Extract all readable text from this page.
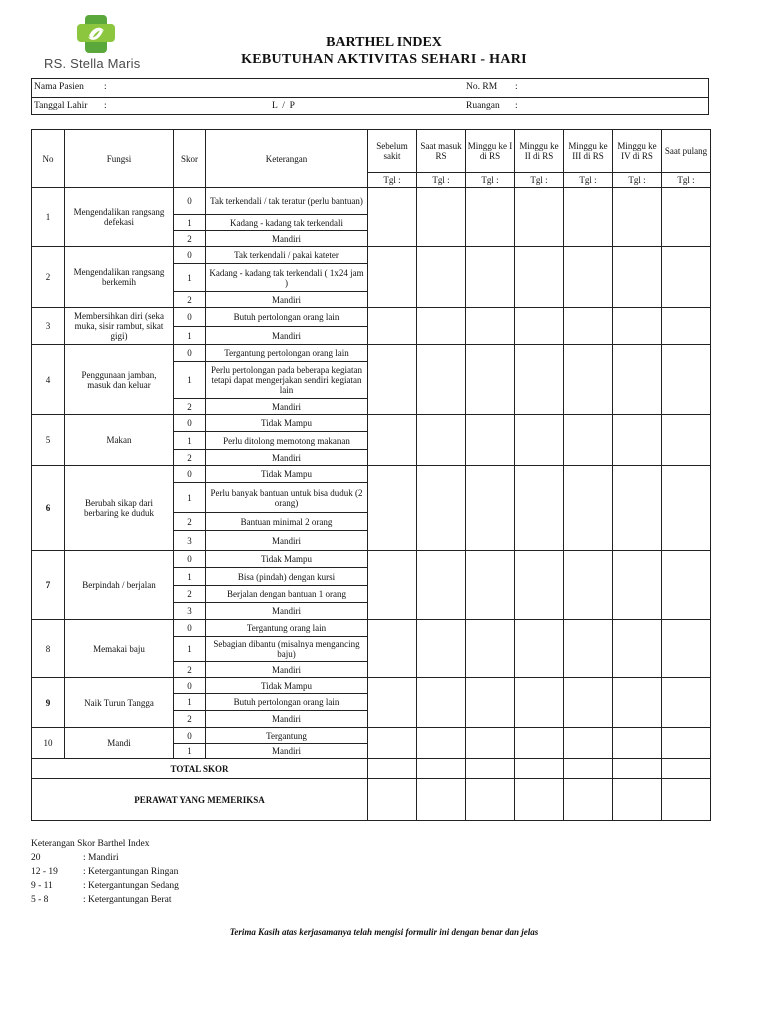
RS. Stella Maris
BARTHEL INDEX
KEBUTUHAN AKTIVITAS SEHARI - HARI
Nama Pasien :	No. RM :
Tanggal Lahir :	L  /  P	Ruangan :
No	Fungsi	Skor	Keterangan	Sebelum sakit	Saat masuk RS	Minggu ke I di RS	Minggu ke II di RS	Minggu ke III di RS	Minggu ke IV di RS	Saat pulang
				Tgl :	Tgl :	Tgl :	Tgl :	Tgl :	Tgl :	Tgl :
1	Mengendalikan rangsang defekasi	0	Tak terkendali / tak teratur (perlu bantuan)							
		1	Kadang - kadang tak terkendali							
		2	Mandiri							
2	Mengendalikan rangsang berkemih	0	Tak terkendali / pakai kateter							
		1	Kadang - kadang tak terkendali ( 1x24 jam )							
		2	Mandiri							
3	Membersihkan diri (seka muka, sisir rambut, sikat gigi)	0	Butuh pertolongan orang lain							
		1	Mandiri							
4	Penggunaan jamban, masuk dan keluar	0	Tergantung pertolongan orang lain							
		1	Perlu pertolongan pada beberapa kegiatan tetapi dapat mengerjakan sendiri kegiatan lain							
		2	Mandiri							
5	Makan	0	Tidak Mampu							
		1	Perlu ditolong memotong makanan							
		2	Mandiri							
6	Berubah sikap dari berbaring ke duduk	0	Tidak Mampu							
		1	Perlu banyak bantuan untuk bisa duduk (2 orang)							
		2	Bantuan minimal 2 orang							
		3	Mandiri							
7	Berpindah / berjalan	0	Tidak Mampu							
		1	Bisa (pindah) dengan kursi							
		2	Berjalan dengan bantuan 1 orang							
		3	Mandiri							
8	Memakai baju	0	Tergantung orang lain							
		1	Sebagian dibantu (misalnya mengancing baju)							
		2	Mandiri							
9	Naik Turun Tangga	0	Tidak Mampu							
		1	Butuh pertolongan orang lain							
		2	Mandiri							
10	Mandi	0	Tergantung							
		1	Mandiri							
TOTAL SKOR										
PERAWAT YANG MEMERIKSA										
Keterangan Skor Barthel Index
20	: Mandiri
12 - 19	: Ketergantungan Ringan
9 - 11	: Ketergantungan Sedang
5 - 8	: Ketergantungan Berat
Terima Kasih atas kerjasamanya telah mengisi formulir ini dengan benar dan jelas
